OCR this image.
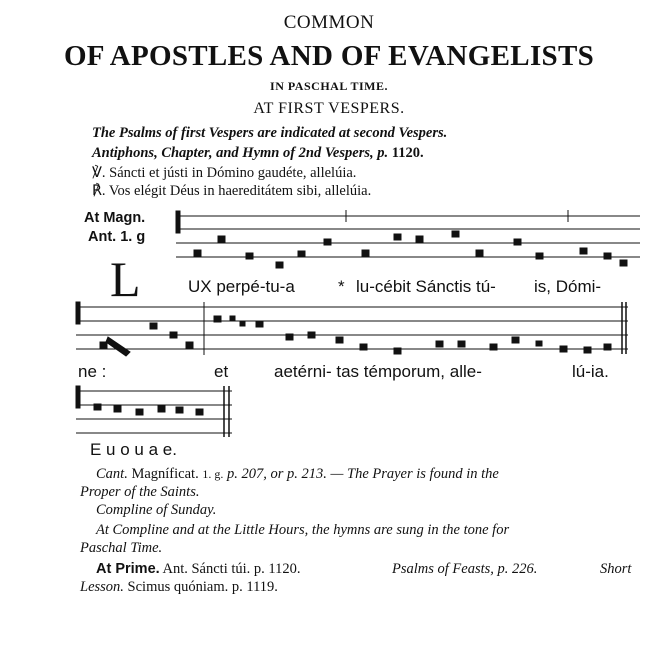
COMMON
OF APOSTLES AND OF EVANGELISTS
IN PASCHAL TIME.
AT FIRST VESPERS.
The Psalms of first Vespers are indicated at second Vespers.
Antiphons, Chapter, and Hymn of 2nd Vespers, p. 1120.
℣. Sáncti et jústi in Dómino gaudéte, allelúia.
℟. Vos elégit Déus in haereditátem sibi, allelúia.
At Magn.
Ant. 1. g
L	UX perpé-tu-a	* lu-cébit Sánctis tú- is, Dómi-
ne :	et	aetérni- tas témporum, alle-	lú-ia.
E u o u a e.
Cant. Magníficat. 1. g. p. 207, or p. 213. — The Prayer is found in the
Proper of the Saints.
Compline of Sunday.
At Compline and at the Little Hours, the hymns are sung in the tone for
Paschal Time.
At Prime. Ant. Sáncti túi. p. 1120.	Psalms of Feasts, p. 226.	Short
Lesson. Scimus quóniam. p. 1119.
